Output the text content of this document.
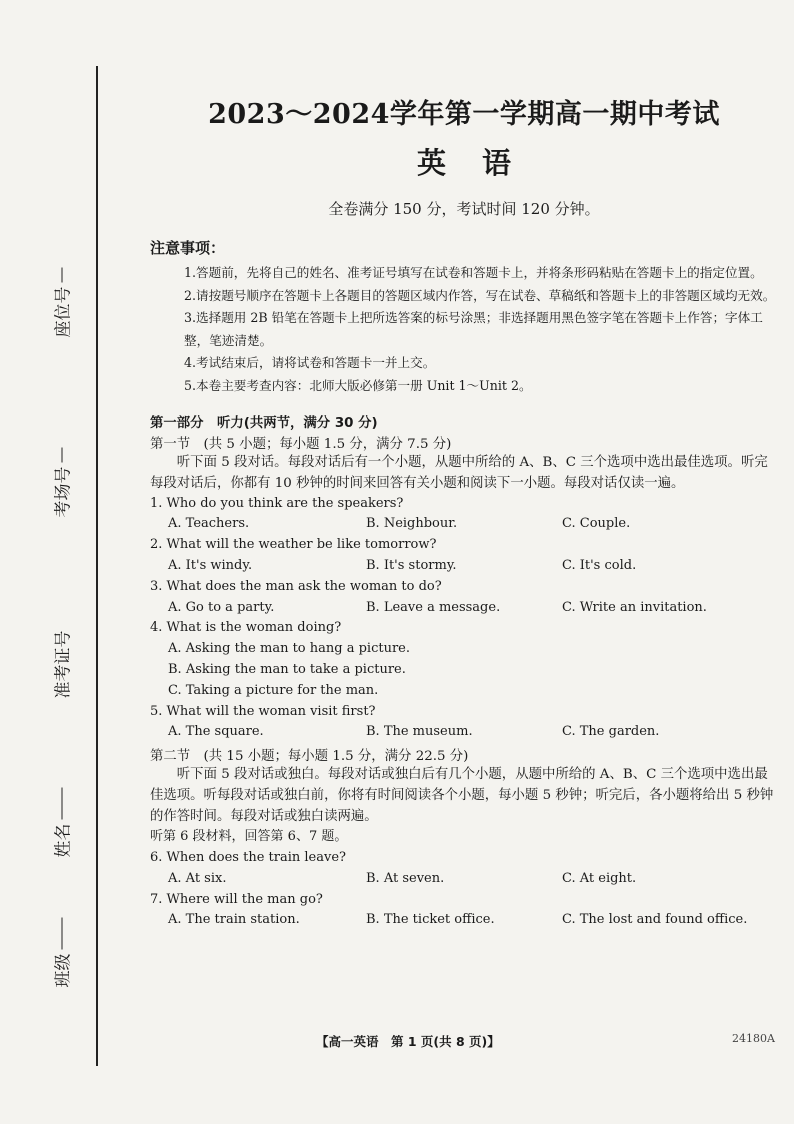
座位号
考场号
准考证号
姓名
班级
2023～2024学年第一学期高一期中考试
英语
全卷满分 150 分，考试时间 120 分钟。
注意事项：
1.答题前，先将自己的姓名、准考证号填写在试卷和答题卡上，并将条形码粘贴在答题卡上的指定位置。
2.请按题号顺序在答题卡上各题目的答题区域内作答，写在试卷、草稿纸和答题卡上的非答题区域均无效。
3.选择题用 2B 铅笔在答题卡上把所选答案的标号涂黑；非选择题用黑色签字笔在答题卡上作答；字体工整，笔迹清楚。
4.考试结束后，请将试卷和答题卡一并上交。
5.本卷主要考查内容：北师大版必修第一册 Unit 1～Unit 2。
第一部分　听力(共两节，满分 30 分)
第一节　(共 5 小题；每小题 1.5 分，满分 7.5 分)
听下面 5 段对话。每段对话后有一个小题，从题中所给的 A、B、C 三个选项中选出最佳选项。听完每段对话后，你都有 10 秒钟的时间来回答有关小题和阅读下一小题。每段对话仅读一遍。
1. Who do you think are the speakers?
A. Teachers.	B. Neighbour.	C. Couple.
2. What will the weather be like tomorrow?
A. It's windy.	B. It's stormy.	C. It's cold.
3. What does the man ask the woman to do?
A. Go to a party.	B. Leave a message.	C. Write an invitation.
4. What is the woman doing?
A. Asking the man to hang a picture.
B. Asking the man to take a picture.
C. Taking a picture for the man.
5. What will the woman visit first?
A. The square.	B. The museum.	C. The garden.
第二节　(共 15 小题；每小题 1.5 分，满分 22.5 分)
听下面 5 段对话或独白。每段对话或独白后有几个小题，从题中所给的 A、B、C 三个选项中选出最佳选项。听每段对话或独白前，你将有时间阅读各个小题，每小题 5 秒钟；听完后，各小题将给出 5 秒钟的作答时间。每段对话或独白读两遍。
听第 6 段材料，回答第 6、7 题。
6. When does the train leave?
A. At six.	B. At seven.	C. At eight.
7. Where will the man go?
A. The train station.	B. The ticket office.	C. The lost and found office.
【高一英语　第 1 页(共 8 页)】	24180A
